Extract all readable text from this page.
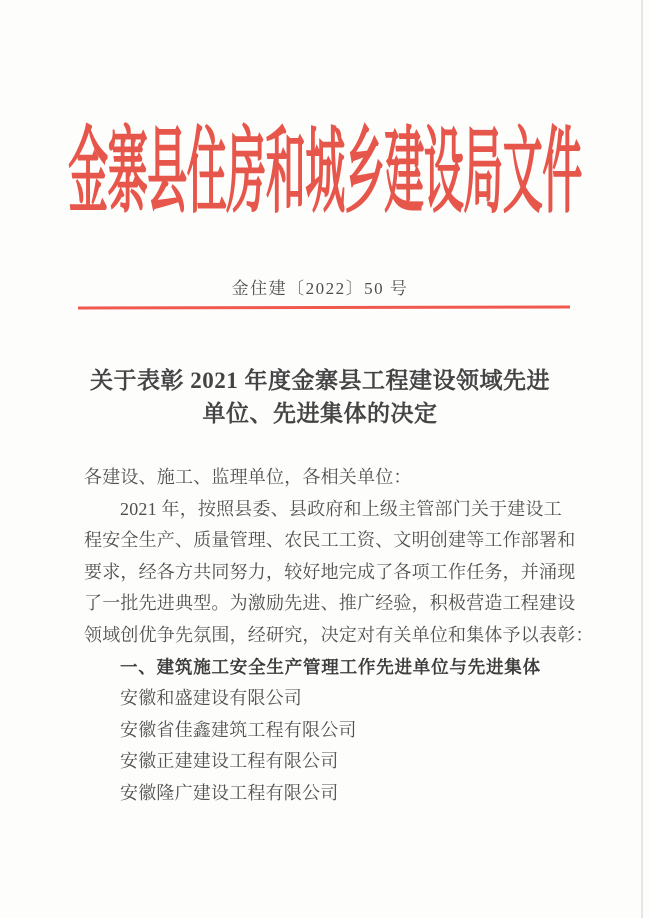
金寨县住房和城乡建设局文件
金住建〔2022〕50 号
关于表彰 2021 年度金寨县工程建设领域先进
单位、先进集体的决定
各建设、施工、监理单位，各相关单位：
2021 年，按照县委、县政府和上级主管部门关于建设工
程安全生产、质量管理、农民工工资、文明创建等工作部署和
要求，经各方共同努力，较好地完成了各项工作任务，并涌现
了一批先进典型。为激励先进、推广经验，积极营造工程建设
领域创优争先氛围，经研究，决定对有关单位和集体予以表彰：
一、建筑施工安全生产管理工作先进单位与先进集体
安徽和盛建设有限公司
安徽省佳鑫建筑工程有限公司
安徽正建建设工程有限公司
安徽隆广建设工程有限公司
